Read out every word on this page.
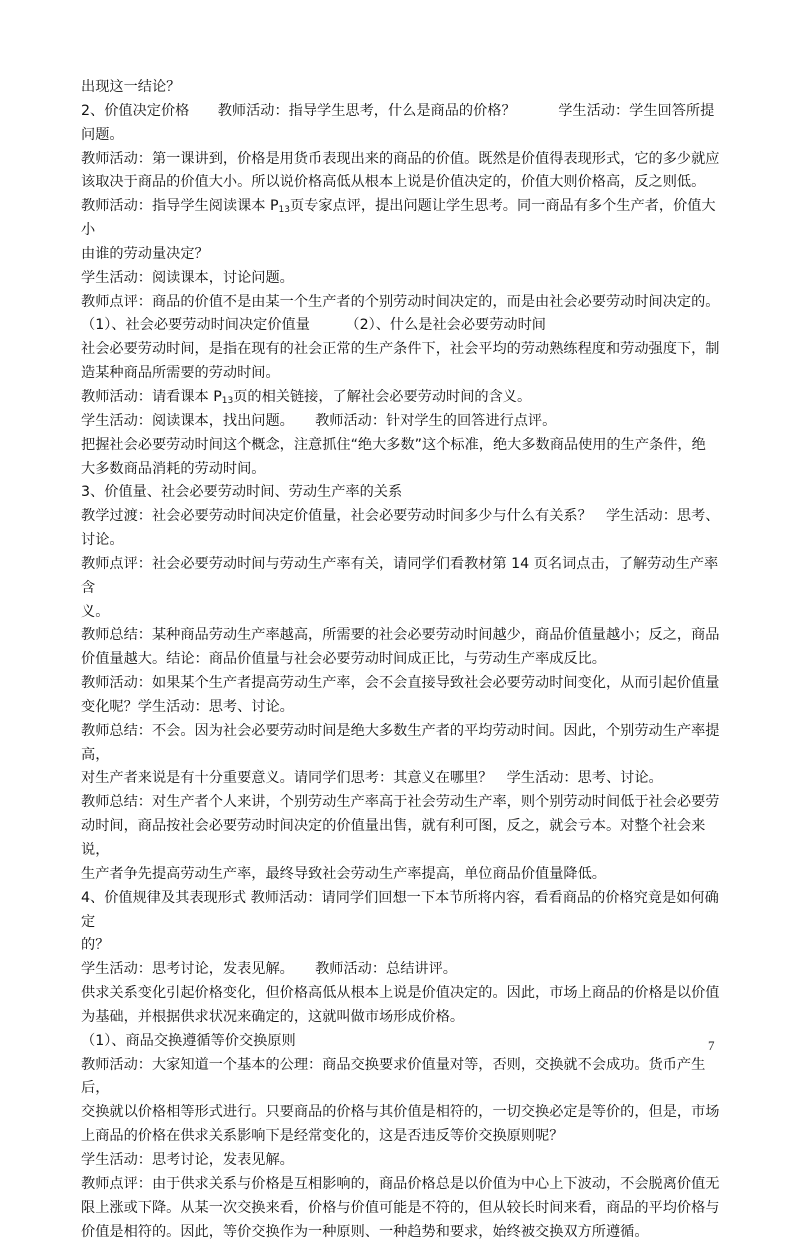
出现这一结论？

2、价值决定价格　　教师活动：指导学生思考，什么是商品的价格？　　　学生活动：学生回答所提问题。

教师活动：第一课讲到，价格是用货币表现出来的商品的价值。既然是价值得表现形式，它的多少就应

该取决于商品的价值大小。所以说价格高低从根本上说是价值决定的，价值大则价格高，反之则低。

教师活动：指导学生阅读课本 $P_{13}$页专家点评，提出问题让学生思考。同一商品有多个生产者，价值大小

由谁的劳动量决定？

学生活动：阅读课本，讨论问题。

教师点评：商品的价值不是由某一个生产者的个别劳动时间决定的，而是由社会必要劳动时间决定的。

（1）、社会必要劳动时间决定价值量　　　（2）、什么是社会必要劳动时间

社会必要劳动时间，是指在现有的社会正常的生产条件下，社会平均的劳动熟练程度和劳动强度下，制

造某种商品所需要的劳动时间。

教师活动：请看课本 $P_{13}$页的相关链接，了解社会必要劳动时间的含义。

学生活动：阅读课本，找出问题。　　教师活动：针对学生的回答进行点评。

把握社会必要劳动时间这个概念，注意抓住“绝大多数”这个标准，绝大多数商品使用的生产条件，绝

大多数商品消耗的劳动时间。

3、价值量、社会必要劳动时间、劳动生产率的关系

教学过渡：社会必要劳动时间决定价值量，社会必要劳动时间多少与什么有关系？　学生活动：思考、讨论。

教师点评：社会必要劳动时间与劳动生产率有关，请同学们看教材第 14 页名词点击，了解劳动生产率含

义。

教师总结：某种商品劳动生产率越高，所需要的社会必要劳动时间越少，商品价值量越小；反之，商品

价值量越大。结论：商品价值量与社会必要劳动时间成正比，与劳动生产率成反比。

教师活动：如果某个生产者提高劳动生产率，会不会直接导致社会必要劳动时间变化，从而引起价值量

变化呢？学生活动：思考、讨论。

教师总结：不会。因为社会必要劳动时间是绝大多数生产者的平均劳动时间。因此，个别劳动生产率提高，

对生产者来说是有十分重要意义。请同学们思考：其意义在哪里？　学生活动：思考、讨论。

教师总结：对生产者个人来讲，个别劳动生产率高于社会劳动生产率，则个别劳动时间低于社会必要劳

动时间，商品按社会必要劳动时间决定的价值量出售，就有利可图，反之，就会亏本。对整个社会来说，

生产者争先提高劳动生产率，最终导致社会劳动生产率提高，单位商品价值量降低。

4、价值规律及其表现形式 教师活动：请同学们回想一下本节所将内容，看看商品的价格究竟是如何确定

的？

学生活动：思考讨论，发表见解。　　教师活动：总结讲评。

供求关系变化引起价格变化，但价格高低从根本上说是价值决定的。因此，市场上商品的价格是以价值

为基础，并根据供求状况来确定的，这就叫做市场形成价格。

（1）、商品交换遵循等价交换原则

教师活动：大家知道一个基本的公理：商品交换要求价值量对等，否则，交换就不会成功。货币产生后，

交换就以价格相等形式进行。只要商品的价格与其价值是相符的，一切交换必定是等价的，但是，市场

上商品的价格在供求关系影响下是经常变化的，这是否违反等价交换原则呢？

学生活动：思考讨论，发表见解。

教师点评：由于供求关系与价格是互相影响的，商品价格总是以价值为中心上下波动，不会脱离价值无

限上涨或下降。从某一次交换来看，价格与价值可能是不符的，但从较长时间来看，商品的平均价格与

价值是相符的。因此，等价交换作为一种原则、一种趋势和要求，始终被交换双方所遵循。

7
